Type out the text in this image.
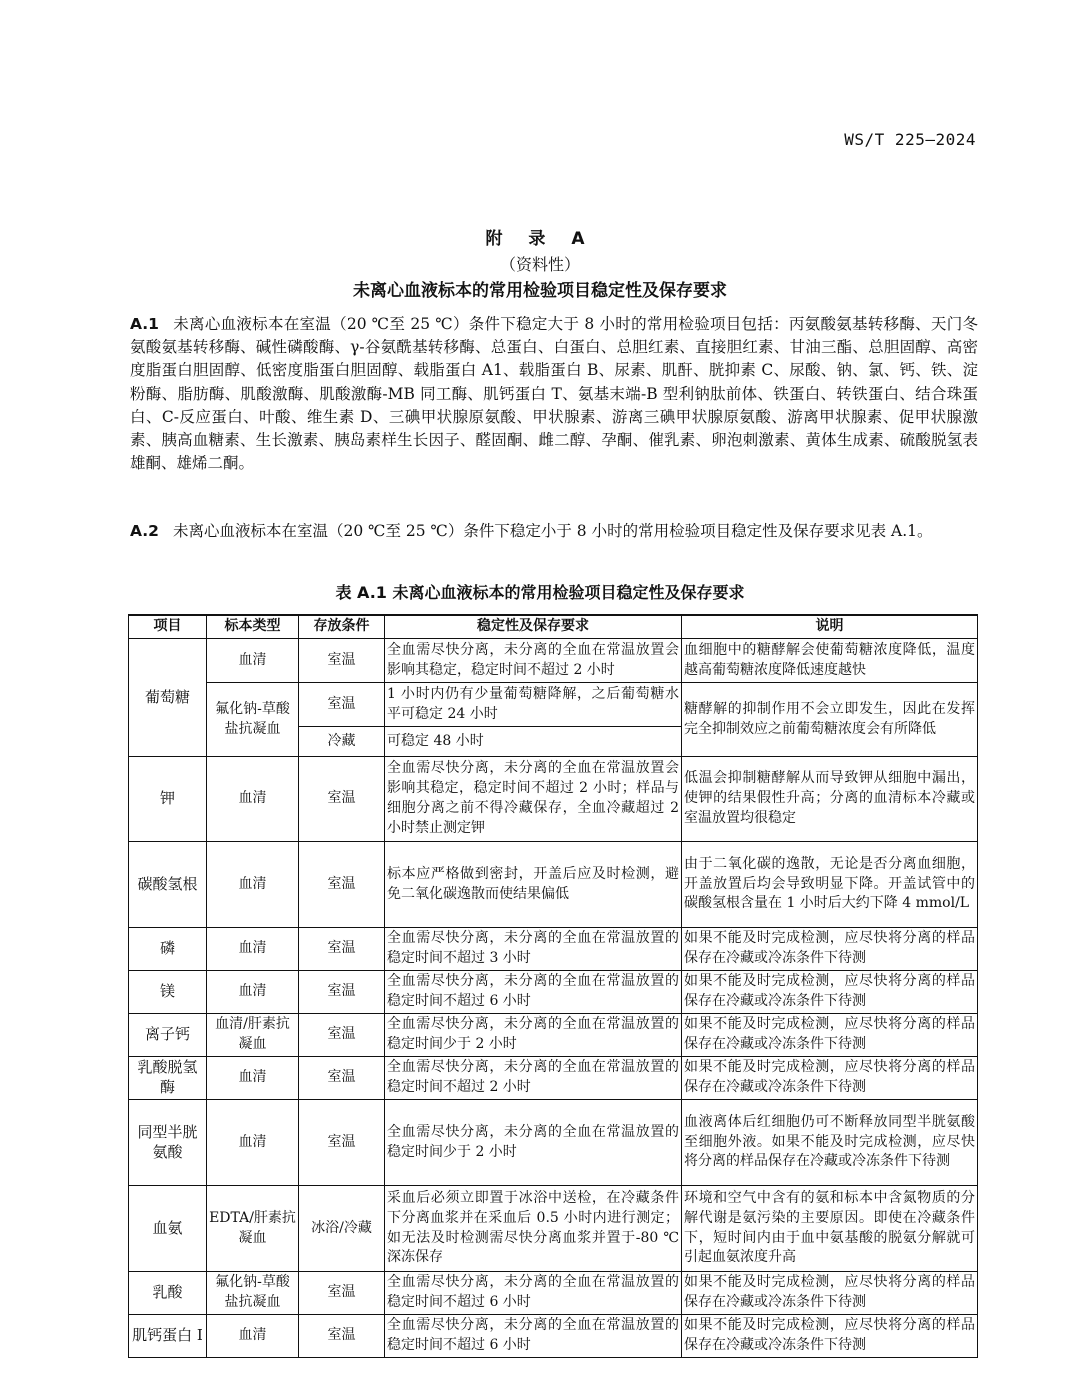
WS/T 225—2024
附 录 A
（资料性）
未离心血液标本的常用检验项目稳定性及保存要求

A.1 未离心血液标本在室温（20 ℃至 25 ℃）条件下稳定大于 8 小时的常用检验项目包括：丙氨酸氨基转移酶、天门冬氨酸氨基转移酶、碱性磷酸酶、γ-谷氨酰基转移酶、总蛋白、白蛋白、总胆红素、直接胆红素、甘油三酯、总胆固醇、高密度脂蛋白胆固醇、低密度脂蛋白胆固醇、载脂蛋白 A1、载脂蛋白 B、尿素、肌酐、胱抑素 C、尿酸、钠、氯、钙、铁、淀粉酶、脂肪酶、肌酸激酶、肌酸激酶-MB 同工酶、肌钙蛋白 T、氨基末端-B 型利钠肽前体、铁蛋白、转铁蛋白、结合珠蛋白、C-反应蛋白、叶酸、维生素 D、三碘甲状腺原氨酸、甲状腺素、游离三碘甲状腺原氨酸、游离甲状腺素、促甲状腺激素、胰高血糖素、生长激素、胰岛素样生长因子、醛固酮、雌二醇、孕酮、催乳素、卵泡刺激素、黄体生成素、硫酸脱氢表雄酮、雄烯二酮。

A.2 未离心血液标本在室温（20 ℃至 25 ℃）条件下稳定小于 8 小时的常用检验项目稳定性及保存要求见表 A.1。

表 A.1 未离心血液标本的常用检验项目稳定性及保存要求
项目	标本类型	存放条件	稳定性及保存要求	说明
葡萄糖	血清	室温	全血需尽快分离，未分离的全血在常温放置会影响其稳定，稳定时间不超过 2 小时	血细胞中的糖酵解会使葡萄糖浓度降低，温度越高葡萄糖浓度降低速度越快
	氟化钠-草酸盐抗凝血	室温	1 小时内仍有少量葡萄糖降解，之后葡萄糖水平可稳定 24 小时	糖酵解的抑制作用不会立即发生，因此在发挥完全抑制效应之前葡萄糖浓度会有所降低
		冷藏	可稳定 48 小时	
钾	血清	室温	全血需尽快分离，未分离的全血在常温放置会影响其稳定，稳定时间不超过 2 小时；样品与细胞分离之前不得冷藏保存，全血冷藏超过 2 小时禁止测定钾	低温会抑制糖酵解从而导致钾从细胞中漏出，使钾的结果假性升高；分离的血清标本冷藏或室温放置均很稳定
碳酸氢根	血清	室温	标本应严格做到密封，开盖后应及时检测，避免二氧化碳逸散而使结果偏低	由于二氧化碳的逸散，无论是否分离血细胞，开盖放置后均会导致明显下降。开盖试管中的碳酸氢根含量在 1 小时后大约下降 4 mmol/L
磷	血清	室温	全血需尽快分离，未分离的全血在常温放置的稳定时间不超过 3 小时	如果不能及时完成检测，应尽快将分离的样品保存在冷藏或冷冻条件下待测
镁	血清	室温	全血需尽快分离，未分离的全血在常温放置的稳定时间不超过 6 小时	如果不能及时完成检测，应尽快将分离的样品保存在冷藏或冷冻条件下待测
离子钙	血清/肝素抗凝血	室温	全血需尽快分离，未分离的全血在常温放置的稳定时间少于 2 小时	如果不能及时完成检测，应尽快将分离的样品保存在冷藏或冷冻条件下待测
乳酸脱氢酶	血清	室温	全血需尽快分离，未分离的全血在常温放置的稳定时间不超过 2 小时	如果不能及时完成检测，应尽快将分离的样品保存在冷藏或冷冻条件下待测
同型半胱氨酸	血清	室温	全血需尽快分离，未分离的全血在常温放置的稳定时间少于 2 小时	血液离体后红细胞仍可不断释放同型半胱氨酸至细胞外液。如果不能及时完成检测，应尽快将分离的样品保存在冷藏或冷冻条件下待测
血氨	EDTA/肝素抗凝血	冰浴/冷藏	采血后必须立即置于冰浴中送检，在冷藏条件下分离血浆并在采血后 0.5 小时内进行测定；如无法及时检测需尽快分离血浆并置于-80 ℃深冻保存	环境和空气中含有的氨和标本中含氮物质的分解代谢是氨污染的主要原因。即使在冷藏条件下，短时间内由于血中氨基酸的脱氨分解就可引起血氨浓度升高
乳酸	氟化钠-草酸盐抗凝血	室温	全血需尽快分离，未分离的全血在常温放置的稳定时间不超过 6 小时	如果不能及时完成检测，应尽快将分离的样品保存在冷藏或冷冻条件下待测
肌钙蛋白 I	血清	室温	全血需尽快分离，未分离的全血在常温放置的稳定时间不超过 6 小时	如果不能及时完成检测，应尽快将分离的样品保存在冷藏或冷冻条件下待测
